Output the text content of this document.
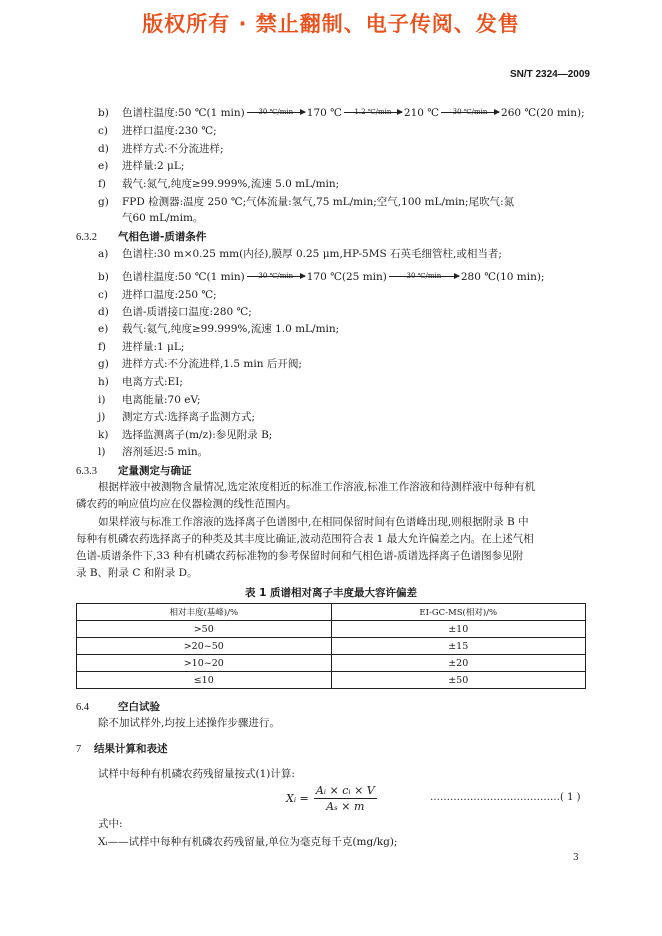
版权所有 · 禁止翻制、电子传阅、发售
SN/T 2324—2009
b) 色谱柱温度:50 ℃(1 min)	30 ℃/min	170 ℃	1.2 ℃/min	210 ℃	30 ℃/min	260 ℃(20 min);
c) 进样口温度:230 ℃;
d) 进样方式:不分流进样;
e) 进样量:2 μL;
f) 载气:氮气,纯度≥99.999%,流速 5.0 mL/min;
g) FPD 检测器:温度 250 ℃;气体流量:氢气,75 mL/min;空气,100 mL/min;尾吹气:氮
气60 mL/mim。
6.3.2 气相色谱-质谱条件
a) 色谱柱:30 m×0.25 mm(内径),膜厚 0.25 μm,HP-5MS 石英毛细管柱,或相当者;
b) 色谱柱温度:50 ℃(1 min)	30 ℃/min	170 ℃(25 min)	30 ℃/min	280 ℃(10 min);
c) 进样口温度:250 ℃;
d) 色谱-质谱接口温度:280 ℃;
e) 载气:氦气,纯度≥99.999%,流速 1.0 mL/min;
f) 进样量:1 μL;
g) 进样方式:不分流进样,1.5 min 后开阀;
h) 电离方式:EI;
i) 电离能量:70 eV;
j) 测定方式:选择离子监测方式;
k) 选择监测离子(m/z):参见附录 B;
l) 溶剂延迟:5 min。
6.3.3 定量测定与确证
根据样液中被测物含量情况,选定浓度相近的标准工作溶液,标准工作溶液和待测样液中每种有机
磷农药的响应值均应在仪器检测的线性范围内。
如果样液与标准工作溶液的选择离子色谱图中,在相同保留时间有色谱峰出现,则根据附录 B 中
每种有机磷农药选择离子的种类及其丰度比确证,波动范围符合表 1 最大允许偏差之内。在上述气相
色谱-质谱条件下,33 种有机磷农药标准物的参考保留时间和气相色谱-质谱选择离子色谱图参见附
录 B、附录 C 和附录 D。
表 1 质谱相对离子丰度最大容许偏差
相对丰度(基峰)/%	EI-GC-MS(相对)/%
>50	±10
>20~50	±15
>10~20	±20
≤10	±50
6.4	空白试验
除不加试样外,均按上述操作步骤进行。
7 结果计算和表述
试样中每种有机磷农药残留量按式(1)计算:
Xᵢ = $\frac{\text{Aᵢ × cᵢ × V}}{\text{Aₛ × m}}$	…………………………………( 1 )
式中:
Xᵢ——试样中每种有机磷农药残留量,单位为毫克每千克(mg/kg);
3
